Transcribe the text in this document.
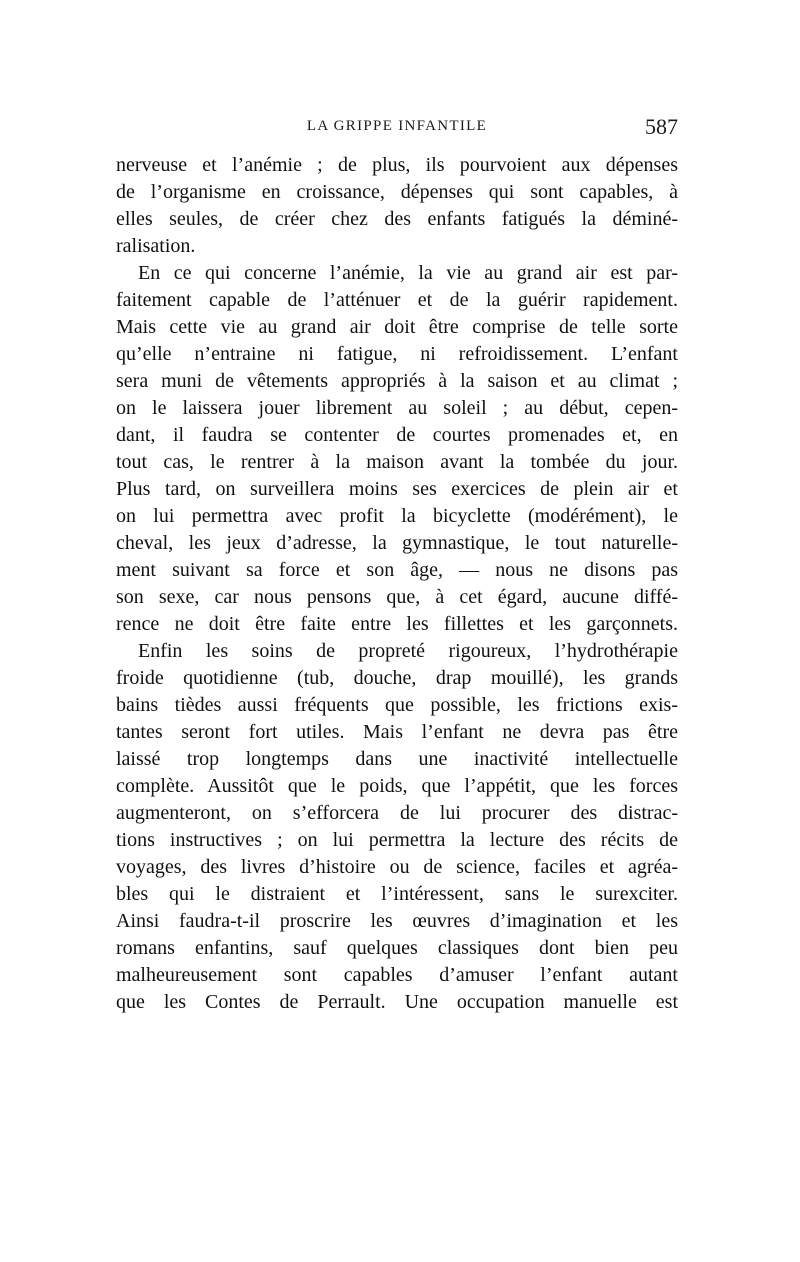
LA GRIPPE INFANTILE	587
nerveuse et l’anémie ; de plus, ils pourvoient aux dépenses
de l’organisme en croissance, dépenses qui sont capables, à
elles seules, de créer chez des enfants fatigués la déminé-
ralisation.
En ce qui concerne l’anémie, la vie au grand air est par-
faitement capable de l’atténuer et de la guérir rapidement.
Mais cette vie au grand air doit être comprise de telle sorte
qu’elle n’entraine ni fatigue, ni refroidissement. L’enfant
sera muni de vêtements appropriés à la saison et au climat ;
on le laissera jouer librement au soleil ; au début, cepen-
dant, il faudra se contenter de courtes promenades et, en
tout cas, le rentrer à la maison avant la tombée du jour.
Plus tard, on surveillera moins ses exercices de plein air et
on lui permettra avec profit la bicyclette (modérément), le
cheval, les jeux d’adresse, la gymnastique, le tout naturelle-
ment suivant sa force et son âge, — nous ne disons pas
son sexe, car nous pensons que, à cet égard, aucune diffé-
rence ne doit être faite entre les fillettes et les garçonnets.
Enfin les soins de propreté rigoureux, l’hydrothérapie
froide quotidienne (tub, douche, drap mouillé), les grands
bains tièdes aussi fréquents que possible, les frictions exis-
tantes seront fort utiles. Mais l’enfant ne devra pas être
laissé trop longtemps dans une inactivité intellectuelle
complète. Aussitôt que le poids, que l’appétit, que les forces
augmenteront, on s’efforcera de lui procurer des distrac-
tions instructives ; on lui permettra la lecture des récits de
voyages, des livres d’histoire ou de science, faciles et agréa-
bles qui le distraient et l’intéressent, sans le surexciter.
Ainsi faudra-t-il proscrire les œuvres d’imagination et les
romans enfantins, sauf quelques classiques dont bien peu
malheureusement sont capables d’amuser l’enfant autant
que les Contes de Perrault. Une occupation manuelle est
